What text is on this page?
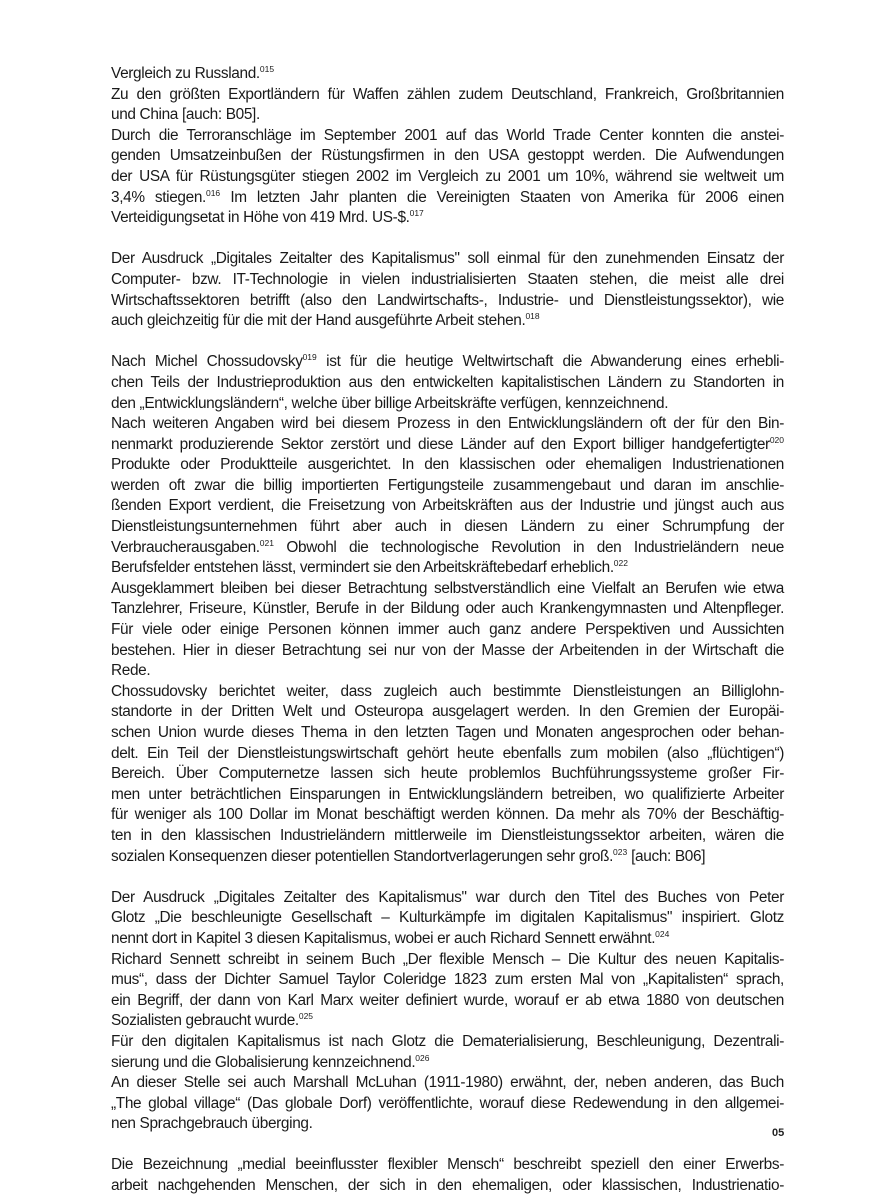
Vergleich zu Russland.$^{015}$
Zu den größten Exportländern für Waffen zählen zudem Deutschland, Frankreich, Großbritannien
und China [auch: B05].
Durch die Terroranschläge im September 2001 auf das World Trade Center konnten die anstei-
genden Umsatzeinbußen der Rüstungsfirmen in den USA gestoppt werden. Die Aufwendungen
der USA für Rüstungsgüter stiegen 2002 im Vergleich zu 2001 um 10%, während sie weltweit um
3,4% stiegen.$^{016}$ Im letzten Jahr planten die Vereinigten Staaten von Amerika für 2006 einen
Verteidigungsetat in Höhe von 419 Mrd. US-$.$^{017}$
Der Ausdruck „Digitales Zeitalter des Kapitalismus" soll einmal für den zunehmenden Einsatz der
Computer- bzw. IT-Technologie in vielen industrialisierten Staaten stehen, die meist alle drei
Wirtschaftssektoren betrifft (also den Landwirtschafts-, Industrie- und Dienstleistungssektor), wie
auch gleichzeitig für die mit der Hand ausgeführte Arbeit stehen.$^{018}$
Nach Michel Chossudovsky$^{019}$ ist für die heutige Weltwirtschaft die Abwanderung eines erhebli-
chen Teils der Industrieproduktion aus den entwickelten kapitalistischen Ländern zu Standorten in
den „Entwicklungsländern“, welche über billige Arbeitskräfte verfügen, kennzeichnend.
Nach weiteren Angaben wird bei diesem Prozess in den Entwicklungsländern oft der für den Bin-
nenmarkt produzierende Sektor zerstört und diese Länder auf den Export billiger handgefertigter$^{020}$
Produkte oder Produktteile ausgerichtet. In den klassischen oder ehemaligen Industrienationen
werden oft zwar die billig importierten Fertigungsteile zusammengebaut und daran im anschlie-
ßenden Export verdient, die Freisetzung von Arbeitskräften aus der Industrie und jüngst auch aus
Dienstleistungsunternehmen führt aber auch in diesen Ländern zu einer Schrumpfung der
Verbraucherausgaben.$^{021}$ Obwohl die technologische Revolution in den Industrieländern neue
Berufsfelder entstehen lässt, vermindert sie den Arbeitskräftebedarf erheblich.$^{022}$
Ausgeklammert bleiben bei dieser Betrachtung selbstverständlich eine Vielfalt an Berufen wie etwa
Tanzlehrer, Friseure, Künstler, Berufe in der Bildung oder auch Krankengymnasten und Altenpfleger.
Für viele oder einige Personen können immer auch ganz andere Perspektiven und Aussichten
bestehen. Hier in dieser Betrachtung sei nur von der Masse der Arbeitenden in der Wirtschaft die
Rede.
Chossudovsky berichtet weiter, dass zugleich auch bestimmte Dienstleistungen an Billiglohn-
standorte in der Dritten Welt und Osteuropa ausgelagert werden. In den Gremien der Europäi-
schen Union wurde dieses Thema in den letzten Tagen und Monaten angesprochen oder behan-
delt. Ein Teil der Dienstleistungswirtschaft gehört heute ebenfalls zum mobilen (also „flüchtigen“)
Bereich. Über Computernetze lassen sich heute problemlos Buchführungssysteme großer Fir-
men unter beträchtlichen Einsparungen in Entwicklungsländern betreiben, wo qualifizierte Arbeiter
für weniger als 100 Dollar im Monat beschäftigt werden können. Da mehr als 70% der Beschäftig-
ten in den klassischen Industrieländern mittlerweile im Dienstleistungssektor arbeiten, wären die
sozialen Konsequenzen dieser potentiellen Standortverlagerungen sehr groß.$^{023}$ [auch: B06]
Der Ausdruck „Digitales Zeitalter des Kapitalismus" war durch den Titel des Buches von Peter
Glotz „Die beschleunigte Gesellschaft – Kulturkämpfe im digitalen Kapitalismus" inspiriert. Glotz
nennt dort in Kapitel 3 diesen Kapitalismus, wobei er auch Richard Sennett erwähnt.$^{024}$
Richard Sennett schreibt in seinem Buch „Der flexible Mensch – Die Kultur des neuen Kapitalis-
mus“, dass der Dichter Samuel Taylor Coleridge 1823 zum ersten Mal von „Kapitalisten“ sprach,
ein Begriff, der dann von Karl Marx weiter definiert wurde, worauf er ab etwa 1880 von deutschen
Sozialisten gebraucht wurde.$^{025}$
Für den digitalen Kapitalismus ist nach Glotz die Dematerialisierung, Beschleunigung, Dezentrali-
sierung und die Globalisierung kennzeichnend.$^{026}$
An dieser Stelle sei auch Marshall McLuhan (1911-1980) erwähnt, der, neben anderen, das Buch
„The global village“ (Das globale Dorf) veröffentlichte, worauf diese Redewendung in den allgemei-
nen Sprachgebrauch überging.
Die Bezeichnung „medial beeinflusster flexibler Mensch“ beschreibt speziell den einer Erwerbs-
arbeit nachgehenden Menschen, der sich in den ehemaligen, oder klassischen, Industrienatio-
05
